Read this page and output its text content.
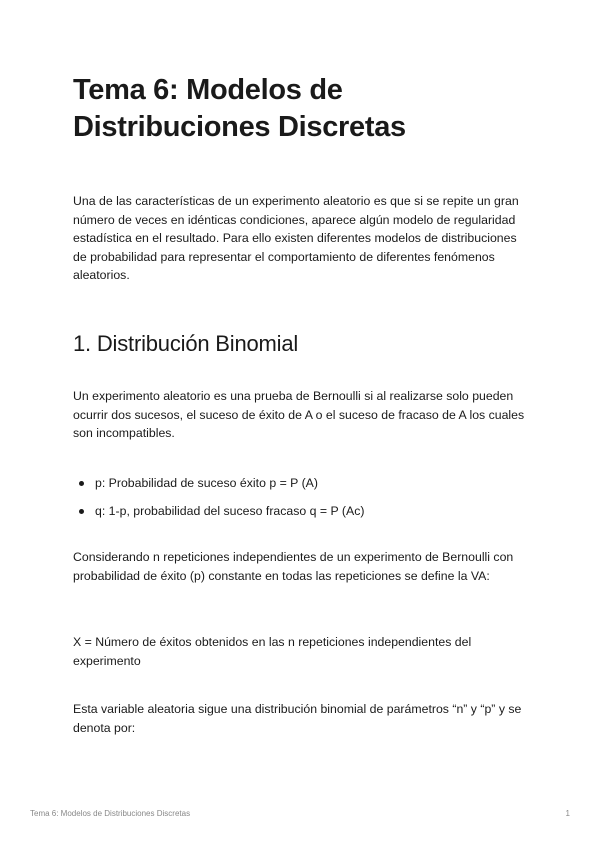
Tema 6: Modelos de
Distribuciones Discretas

Una de las características de un experimento aleatorio es que si se repite un gran número de veces en idénticas condiciones, aparece algún modelo de regularidad estadística en el resultado. Para ello existen diferentes modelos de distribuciones de probabilidad para representar el comportamiento de diferentes fenómenos aleatorios.

1. Distribución Binomial

Un experimento aleatorio es una prueba de Bernoulli si al realizarse solo pueden ocurrir dos sucesos, el suceso de éxito de A o el suceso de fracaso de A los cuales son incompatibles.

p: Probabilidad de suceso éxito p = P (A)
q: 1-p, probabilidad del suceso fracaso q = P (Ac)

Considerando n repeticiones independientes de un experimento de Bernoulli con probabilidad de éxito (p) constante en todas las repeticiones se define la VA:

X = Número de éxitos obtenidos en las n repeticiones independientes del experimento

Esta variable aleatoria sigue una distribución binomial de parámetros “n” y “p” y se denota por:

Tema 6: Modelos de Distribuciones Discretas	1
